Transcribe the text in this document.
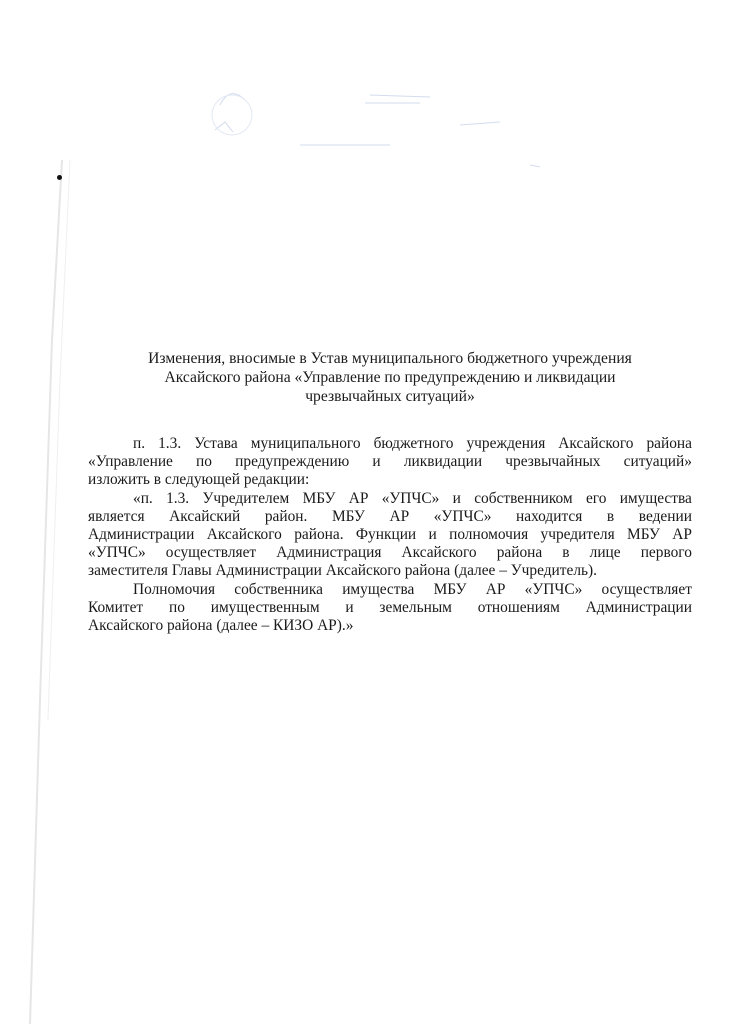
Изменения, вносимые в Устав муниципального бюджетного учреждения
Аксайского района «Управление по предупреждению и ликвидации
чрезвычайных ситуаций»
п. 1.3. Устава муниципального бюджетного учреждения Аксайского района
«Управление по предупреждению и ликвидации чрезвычайных ситуаций»
изложить в следующей редакции:
«п. 1.3. Учредителем МБУ АР «УПЧС» и собственником его имущества
является Аксайский район. МБУ АР «УПЧС» находится в ведении
Администрации Аксайского района. Функции и полномочия учредителя МБУ АР
«УПЧС» осуществляет Администрация Аксайского района в лице первого
заместителя Главы Администрации Аксайского района (далее – Учредитель).
Полномочия собственника имущества МБУ АР «УПЧС» осуществляет
Комитет по имущественным и земельным отношениям Администрации
Аксайского района (далее – КИЗО АР).»
